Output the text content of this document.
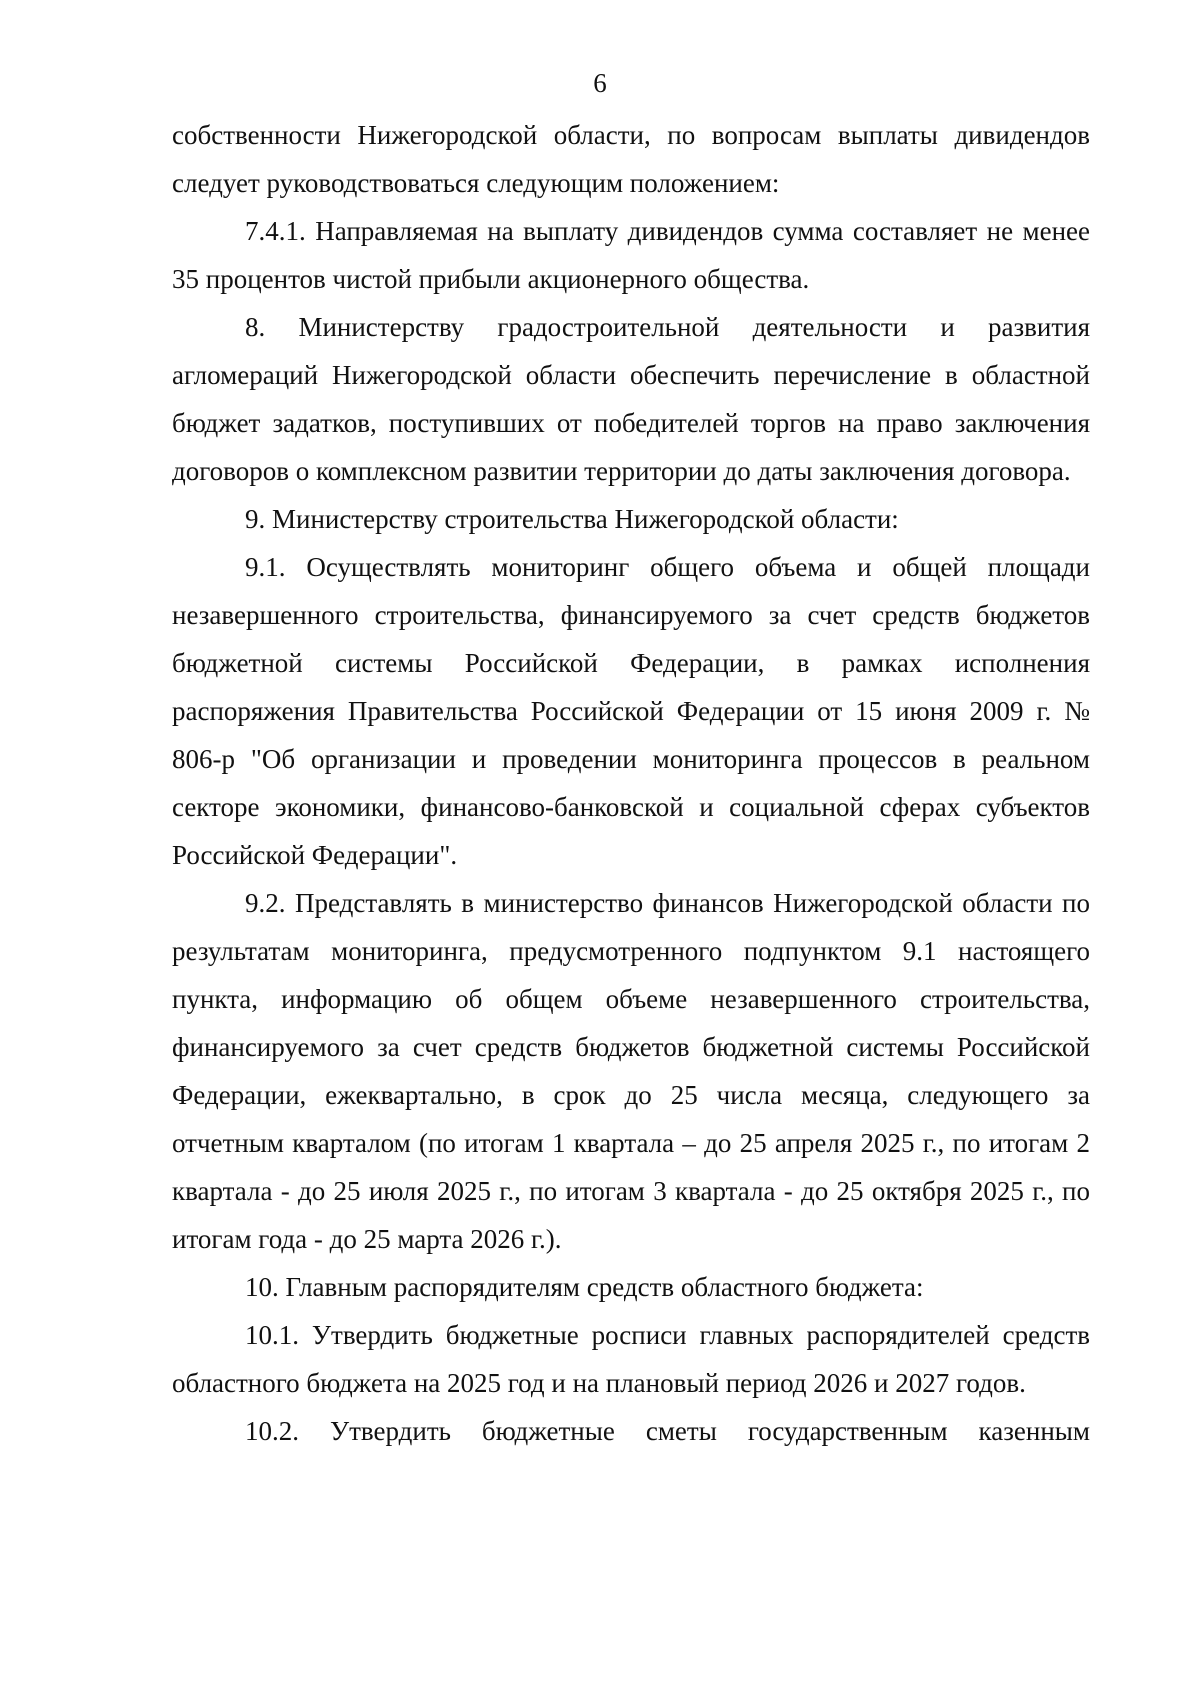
6

собственности Нижегородской области, по вопросам выплаты дивидендов следует руководствоваться следующим положением:

7.4.1. Направляемая на выплату дивидендов сумма составляет не менее 35 процентов чистой прибыли акционерного общества.

8. Министерству градостроительной деятельности и развития агломераций Нижегородской области обеспечить перечисление в областной бюджет задатков, поступивших от победителей торгов на право заключения договоров о комплексном развитии территории до даты заключения договора.

9. Министерству строительства Нижегородской области:

9.1. Осуществлять мониторинг общего объема и общей площади незавершенного строительства, финансируемого за счет средств бюджетов бюджетной системы Российской Федерации, в рамках исполнения распоряжения Правительства Российской Федерации от 15 июня 2009 г. № 806-р "Об организации и проведении мониторинга процессов в реальном секторе экономики, финансово-банковской и социальной сферах субъектов Российской Федерации".

9.2. Представлять в министерство финансов Нижегородской области по результатам мониторинга, предусмотренного подпунктом 9.1 настоящего пункта, информацию об общем объеме незавершенного строительства, финансируемого за счет средств бюджетов бюджетной системы Российской Федерации, ежеквартально, в срок до 25 числа месяца, следующего за отчетным кварталом (по итогам 1 квартала – до 25 апреля 2025 г., по итогам 2 квартала - до 25 июля 2025 г., по итогам 3 квартала - до 25 октября 2025 г., по итогам года - до 25 марта 2026 г.).

10. Главным распорядителям средств областного бюджета:

10.1. Утвердить бюджетные росписи главных распорядителей средств областного бюджета на 2025 год и на плановый период 2026 и 2027 годов.

10.2. Утвердить бюджетные сметы государственным казенным
